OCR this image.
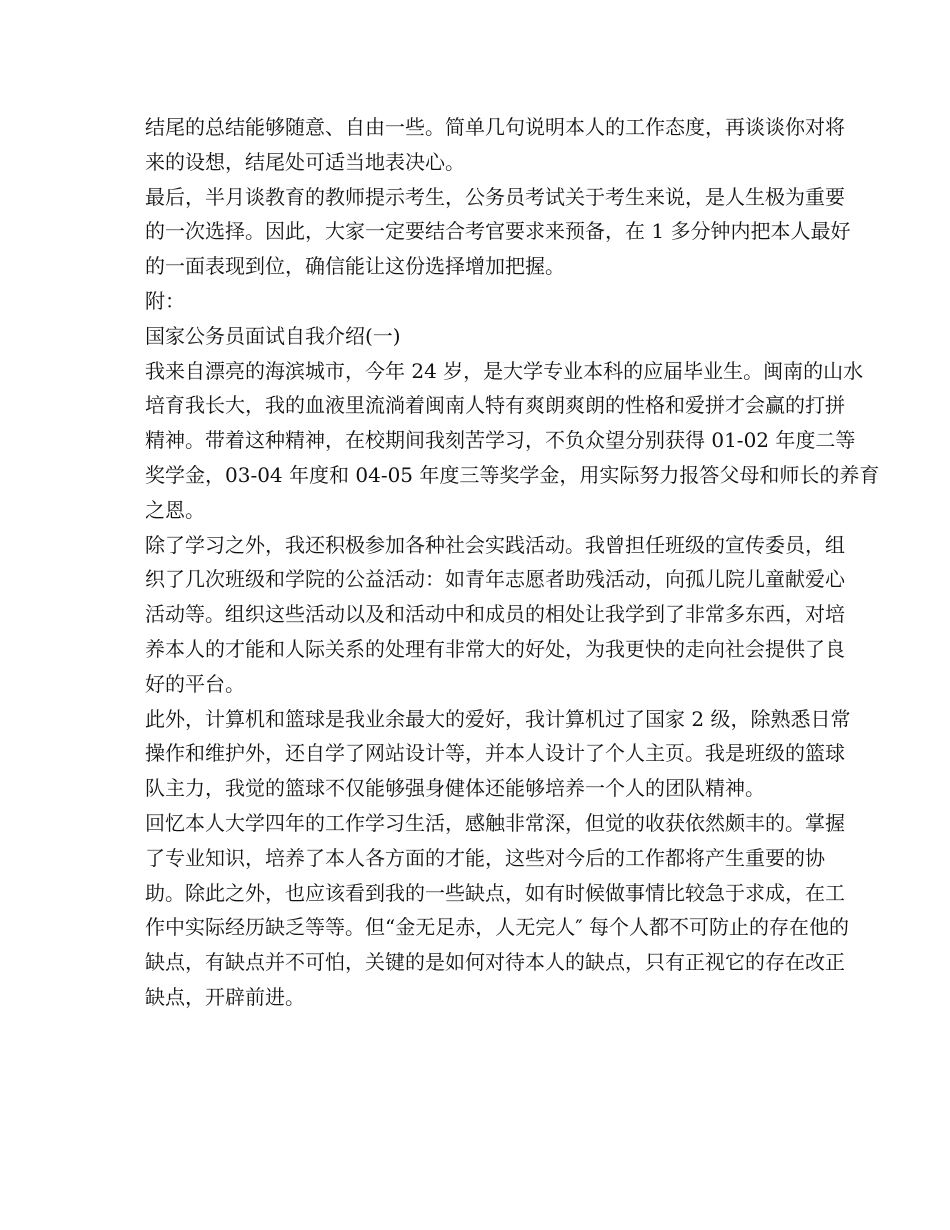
结尾的总结能够随意、自由一些。简单几句说明本人的工作态度，再谈谈你对将
来的设想，结尾处可适当地表决心。
最后，半月谈教育的教师提示考生，公务员考试关于考生来说，是人生极为重要
的一次选择。因此，大家一定要结合考官要求来预备，在 1 多分钟内把本人最好
的一面表现到位，确信能让这份选择增加把握。
附：
国家公务员面试自我介绍(一)
我来自漂亮的海滨城市，今年 24 岁，是大学专业本科的应届毕业生。闽南的山水
培育我长大，我的血液里流淌着闽南人特有爽朗爽朗的性格和爱拼才会赢的打拼
精神。带着这种精神，在校期间我刻苦学习，不负众望分别获得 01-02 年度二等
奖学金，03-04 年度和 04-05 年度三等奖学金，用实际努力报答父母和师长的养育
之恩。
除了学习之外，我还积极参加各种社会实践活动。我曾担任班级的宣传委员，组
织了几次班级和学院的公益活动：如青年志愿者助残活动，向孤儿院儿童献爱心
活动等。组织这些活动以及和活动中和成员的相处让我学到了非常多东西，对培
养本人的才能和人际关系的处理有非常大的好处，为我更快的走向社会提供了良
好的平台。
此外，计算机和篮球是我业余最大的爱好，我计算机过了国家 2 级，除熟悉日常
操作和维护外，还自学了网站设计等，并本人设计了个人主页。我是班级的篮球
队主力，我觉的篮球不仅能够强身健体还能够培养一个人的团队精神。
回忆本人大学四年的工作学习生活，感触非常深，但觉的收获依然颇丰的。掌握
了专业知识，培养了本人各方面的才能，这些对今后的工作都将产生重要的协
助。除此之外，也应该看到我的一些缺点，如有时候做事情比较急于求成，在工
作中实际经历缺乏等等。但“金无足赤，人无完人″ 每个人都不可防止的存在他的
缺点，有缺点并不可怕，关键的是如何对待本人的缺点，只有正视它的存在改正
缺点，开辟前进。
